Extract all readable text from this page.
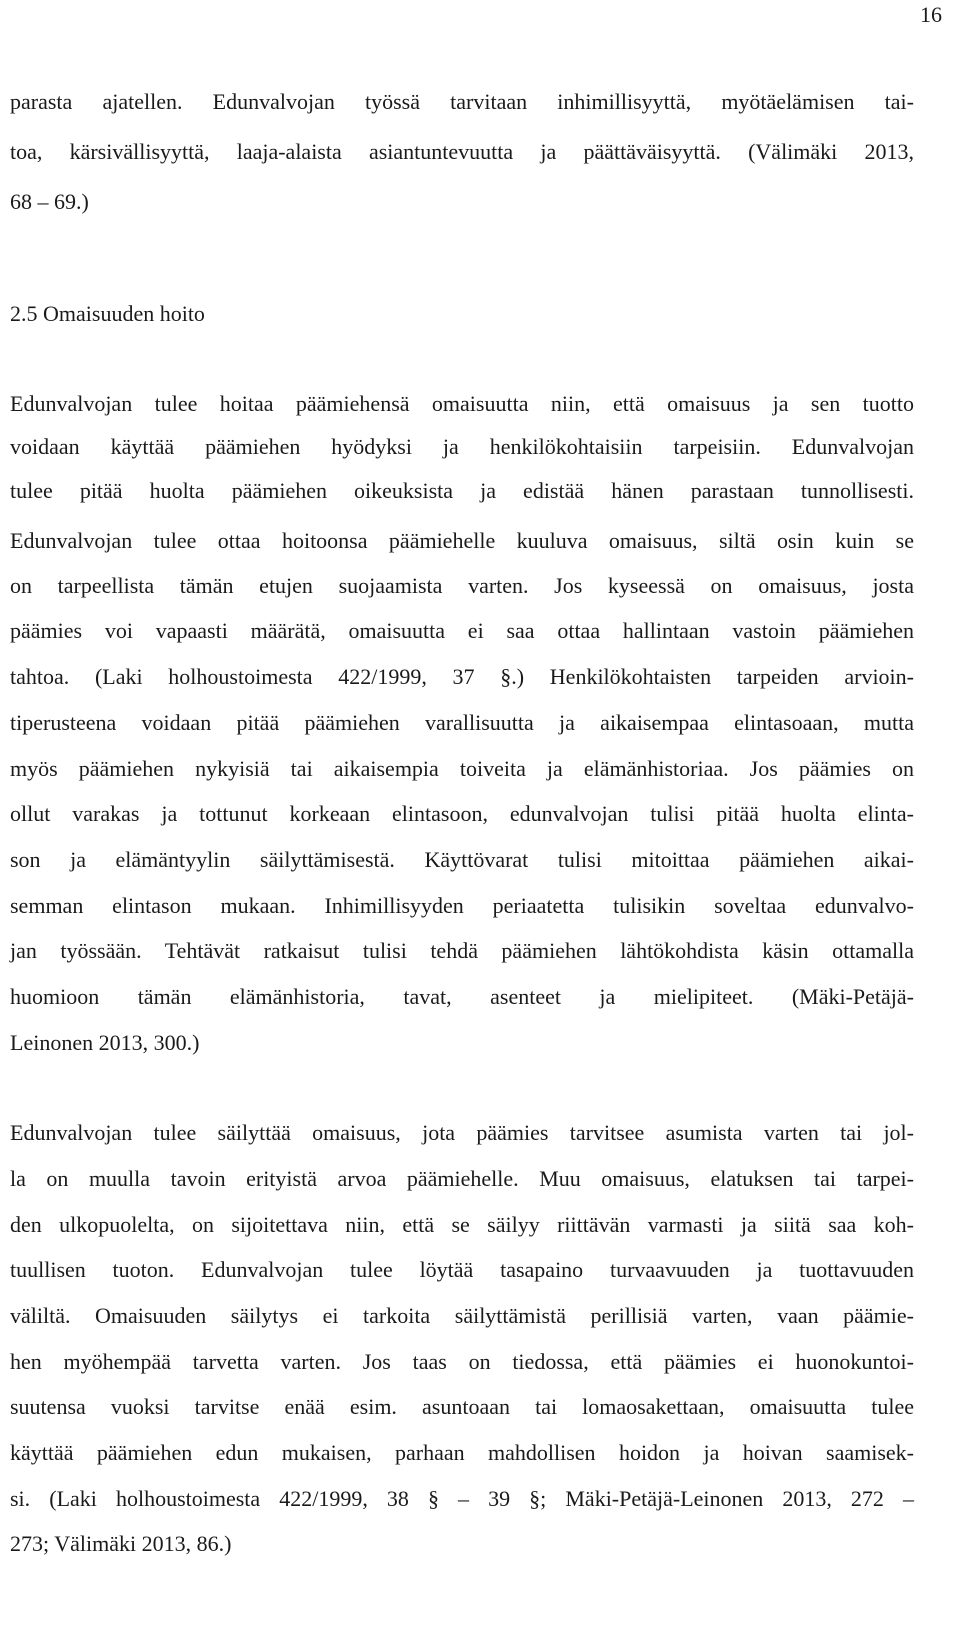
16
parasta ajatellen. Edunvalvojan työssä tarvitaan inhimillisyyttä, myötäelämisen tai-
toa, kärsivällisyyttä, laaja-alaista asiantuntevuutta ja päättäväisyyttä. (Välimäki 2013,
68 – 69.)
2.5 Omaisuuden hoito
Edunvalvojan tulee hoitaa päämiehensä omaisuutta niin, että omaisuus ja sen tuotto
voidaan käyttää päämiehen hyödyksi ja henkilökohtaisiin tarpeisiin. Edunvalvojan
tulee pitää huolta päämiehen oikeuksista ja edistää hänen parastaan tunnollisesti.
Edunvalvojan tulee ottaa hoitoonsa päämiehelle kuuluva omaisuus, siltä osin kuin se
on tarpeellista tämän etujen suojaamista varten. Jos kyseessä on omaisuus, josta
päämies voi vapaasti määrätä, omaisuutta ei saa ottaa hallintaan vastoin päämiehen
tahtoa. (Laki holhoustoimesta 422/1999, 37 §.) Henkilökohtaisten tarpeiden arvioin-
tiperusteena voidaan pitää päämiehen varallisuutta ja aikaisempaa elintasoaan, mutta
myös päämiehen nykyisiä tai aikaisempia toiveita ja elämänhistoriaa. Jos päämies on
ollut varakas ja tottunut korkeaan elintasoon, edunvalvojan tulisi pitää huolta elinta-
son ja elämäntyylin säilyttämisestä. Käyttövarat tulisi mitoittaa päämiehen aikai-
semman elintason mukaan. Inhimillisyyden periaatetta tulisikin soveltaa edunvalvo-
jan työssään. Tehtävät ratkaisut tulisi tehdä päämiehen lähtökohdista käsin ottamalla
huomioon tämän elämänhistoria, tavat, asenteet ja mielipiteet. (Mäki-Petäjä-
Leinonen 2013, 300.)
Edunvalvojan tulee säilyttää omaisuus, jota päämies tarvitsee asumista varten tai jol-
la on muulla tavoin erityistä arvoa päämiehelle. Muu omaisuus, elatuksen tai tarpei-
den ulkopuolelta, on sijoitettava niin, että se säilyy riittävän varmasti ja siitä saa koh-
tuullisen tuoton. Edunvalvojan tulee löytää tasapaino turvaavuuden ja tuottavuuden
väliltä. Omaisuuden säilytys ei tarkoita säilyttämistä perillisiä varten, vaan päämie-
hen myöhempää tarvetta varten. Jos taas on tiedossa, että päämies ei huonokuntoi-
suutensa vuoksi tarvitse enää esim. asuntoaan tai lomaosakettaan, omaisuutta tulee
käyttää päämiehen edun mukaisen, parhaan mahdollisen hoidon ja hoivan saamisek-
si. (Laki holhoustoimesta 422/1999, 38 § – 39 §; Mäki-Petäjä-Leinonen 2013, 272 –
273; Välimäki 2013, 86.)
